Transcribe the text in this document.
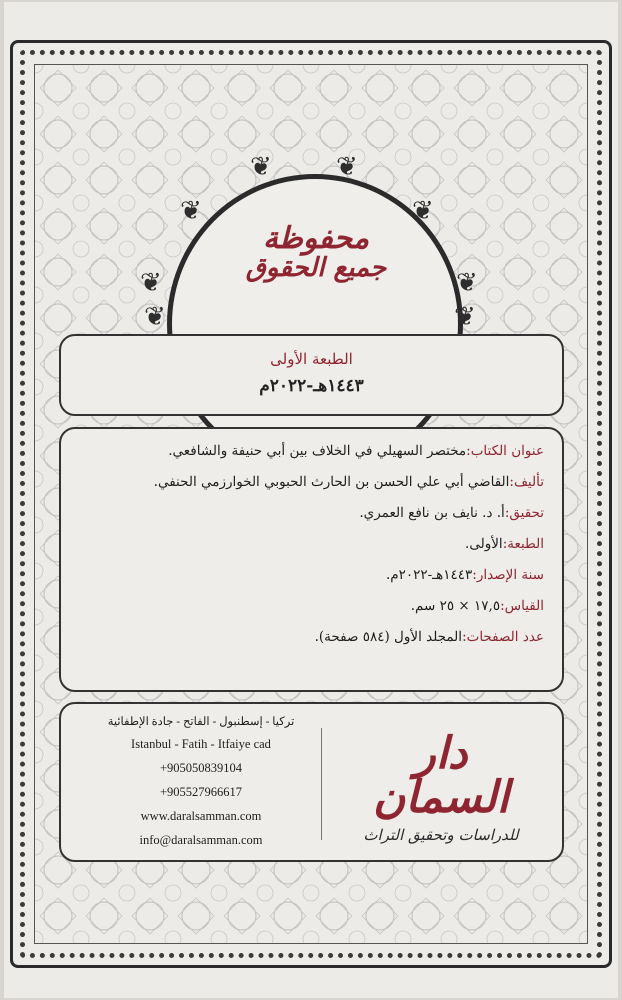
❦ ❦
❦	❦
❦	❦
❦	❦
محفوظة
جميع الحقوق
الطبعة الأولى
١٤٤٣هـ-٢٠٢٢م
عنوان الكتاب:مختصر السهيلي في الخلاف بين أبي حنيفة والشافعي.
تأليف:القاضي أبي علي الحسن بن الحارث الحبوبي الخوارزمي الحنفي.
تحقيق:أ. د. نايف بن نافع العمري.
الطبعة:الأولى.
سنة الإصدار:١٤٤٣هـ-٢٠٢٢م.
القياس:١٧,٥ × ٢٥ سم.
عدد الصفحات:المجلد الأول (٥٨٤ صفحة).
دار السمان
للدراسات وتحقيق التراث
تركيا - إسطنبول - الفاتح - جادة الإطفائية
Istanbul - Fatih - Itfaiye cad
+905050839104
+905527966617
www.daralsamman.com
info@daralsamman.com
